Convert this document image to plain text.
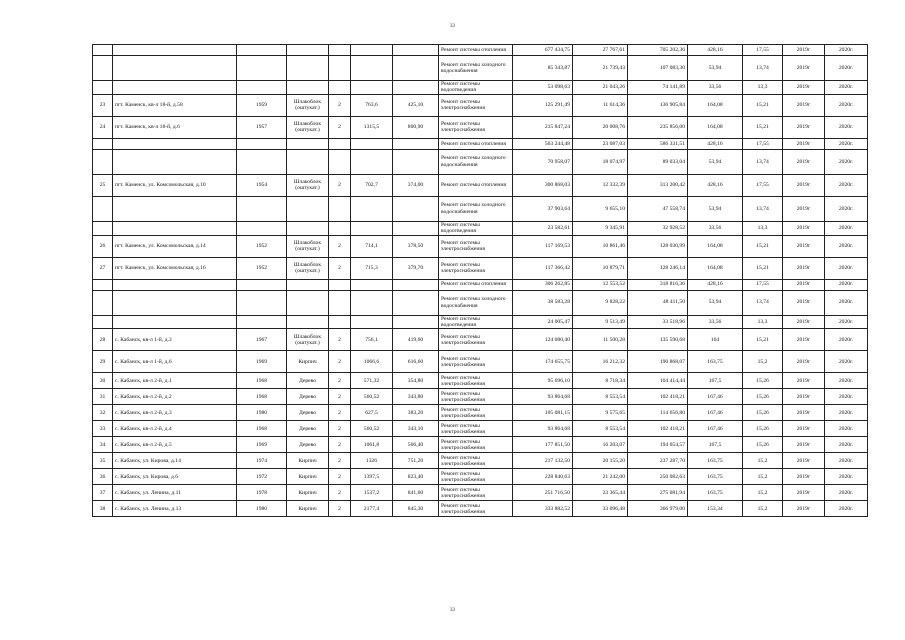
33
							Ремонт системы отопления	677 434,75	27 767,61	705 202,36	428,16	17,55	2019г	2020г.
							Ремонт системы холодного водоснабжения	85 343,87	21 739,43	107 083,30	53,94	13,74	2019г	2020г.
							Ремонт системы водоотведения	53 098,63	21 043,26	74 141,89	33,56	13,3	2019г	2020г.
23	пгт. Каменск, кв-л 18-й, д.58	1959	Шлакоблок (оштукат.)	2	763,6	425,10	Ремонт системы электроснабжения	125 291,49	11 614,36	136 905,84	164,08	15,21	2019г	2020г.
24	пгт. Каменск, кв-л 18-й, д.6	1957	Шлакоблок (оштукат.)	2	1315,5	800,90	Ремонт системы электроснабжения	215 847,24	20 008,76	235 856,00	164,08	15,21	2019г	2020г.
							Ремонт системы отопления	563 244,48	23 087,03	586 331,51	428,16	17,55	2019г	2020г.
							Ремонт системы холодного водоснабжения	70 958,07	18 074,97	89 033,04	53,94	13,74	2019г	2020г.
25	пгт. Каменск, ул. Комсомольская, д.10	1954	Шлакоблок (оштукат.)	2	702,7	374,00	Ремонт системы отопления	300 868,03	12 332,39	313 200,42	428,16	17,55	2019г	2020г.
							Ремонт системы холодного водоснабжения	37 903,64	9 655,10	47 558,74	53,94	13,74	2019г	2020г.
							Ремонт системы водоотведения	23 582,61	9 345,91	32 928,52	33,56	13,3	2019г	2020г.
26	пгт. Каменск, ул. Комсомольская, д.14	1952	Шлакоблок (оштукат.)	2	714,1	378,50	Ремонт системы электроснабжения	117 169,53	10 861,46	128 030,99	164,08	15,21	2019г	2020г.
27	пгт. Каменск, ул. Комсомольская, д.16	1952	Шлакоблок (оштукат.)	2	715,3	379,70	Ремонт системы электроснабжения	117 366,42	10 879,71	128 246,14	164,08	15,21	2019г	2020г.
							Ремонт системы отопления	306 262,85	12 553,52	318 816,36	428,16	17,55	2019г	2020г.
							Ремонт системы холодного водоснабжения	38 583,28	9 828,22	48 411,50	53,94	13,74	2019г	2020г.
							Ремонт системы водоотведения	24 005,47	9 513,49	33 518,96	33,56	13,3	2019г	2020г.
28	с. Кабанск, кв-л 1-й, д.3	1967	Шлакоблок (оштукат.)	2	756,1	419,60	Ремонт системы электроснабжения	124 080,40	11 500,28	135 590,68	164	15,21	2019г	2020г.
29	с. Кабанск, кв-л 1-й, д.6	1969	Кирпич	2	1066,6	616,60	Ремонт системы электроснабжения	174 655,75	16 212,32	190 868,07	163,75	15,2	2019г	2020г.
30	с. Кабанск, кв-л 2-й, д.1	1968	Дерево	2	571,32	354,80	Ремонт системы электроснабжения	95 696,10	8 718,34	104 414,44	167,5	15,26	2019г	2020г.
31	с. Кабанск, кв-л 2-й, д.2	1968	Дерево	2	560,52	343,80	Ремонт системы электроснабжения	93 864,68	8 553,54	102 418,21	167,46	15,26	2019г	2020г.
32	с. Кабанск, кв-л 2-й, д.3	1980	Дерево	2	627,5	383,20	Ремонт системы электроснабжения	105 081,15	9 575,65	114 656,80	167,46	15,26	2019г	2020г.
33	с. Кабанск, кв-л 2-й, д.4	1968	Дерево	2	560,52	343,10	Ремонт системы электроснабжения	93 864,68	8 553,54	102 418,21	167,46	15,26	2019г	2020г.
34	с. Кабанск, кв-л 2-й, д.5	1969	Дерево	2	1061,8	506,40	Ремонт системы электроснабжения	177 851,50	16 203,07	194 054,57	167,5	15,26	2019г	2020г.
35	с. Кабанск, ул. Кирова, д.14	1974	Кирпич	2	1326	751,20	Ремонт системы электроснабжения	217 132,50	20 155,20	237 287,70	163,75	15,2	2019г	2020г.
36	с. Кабанск, ул. Кирова, д.6	1972	Кирпич	2	1397,5	823,40	Ремонт системы электроснабжения	228 840,63	21 242,00	250 082,63	163,75	15,2	2019г	2020г.
37	с. Кабанск, ул. Ленина, д.11	1978	Кирпич	2	1537,2	841,60	Ремонт системы электроснабжения	251 716,50	23 365,44	275 081,94	163,75	15,2	2019г	2020г.
38	с. Кабанск, ул. Ленина, д.13	1980	Кирпич	2	2177,4	845,30	Ремонт системы электроснабжения	333 882,52	33 096,48	366 979,00	153,34	15,2	2019г	2020г.
33
